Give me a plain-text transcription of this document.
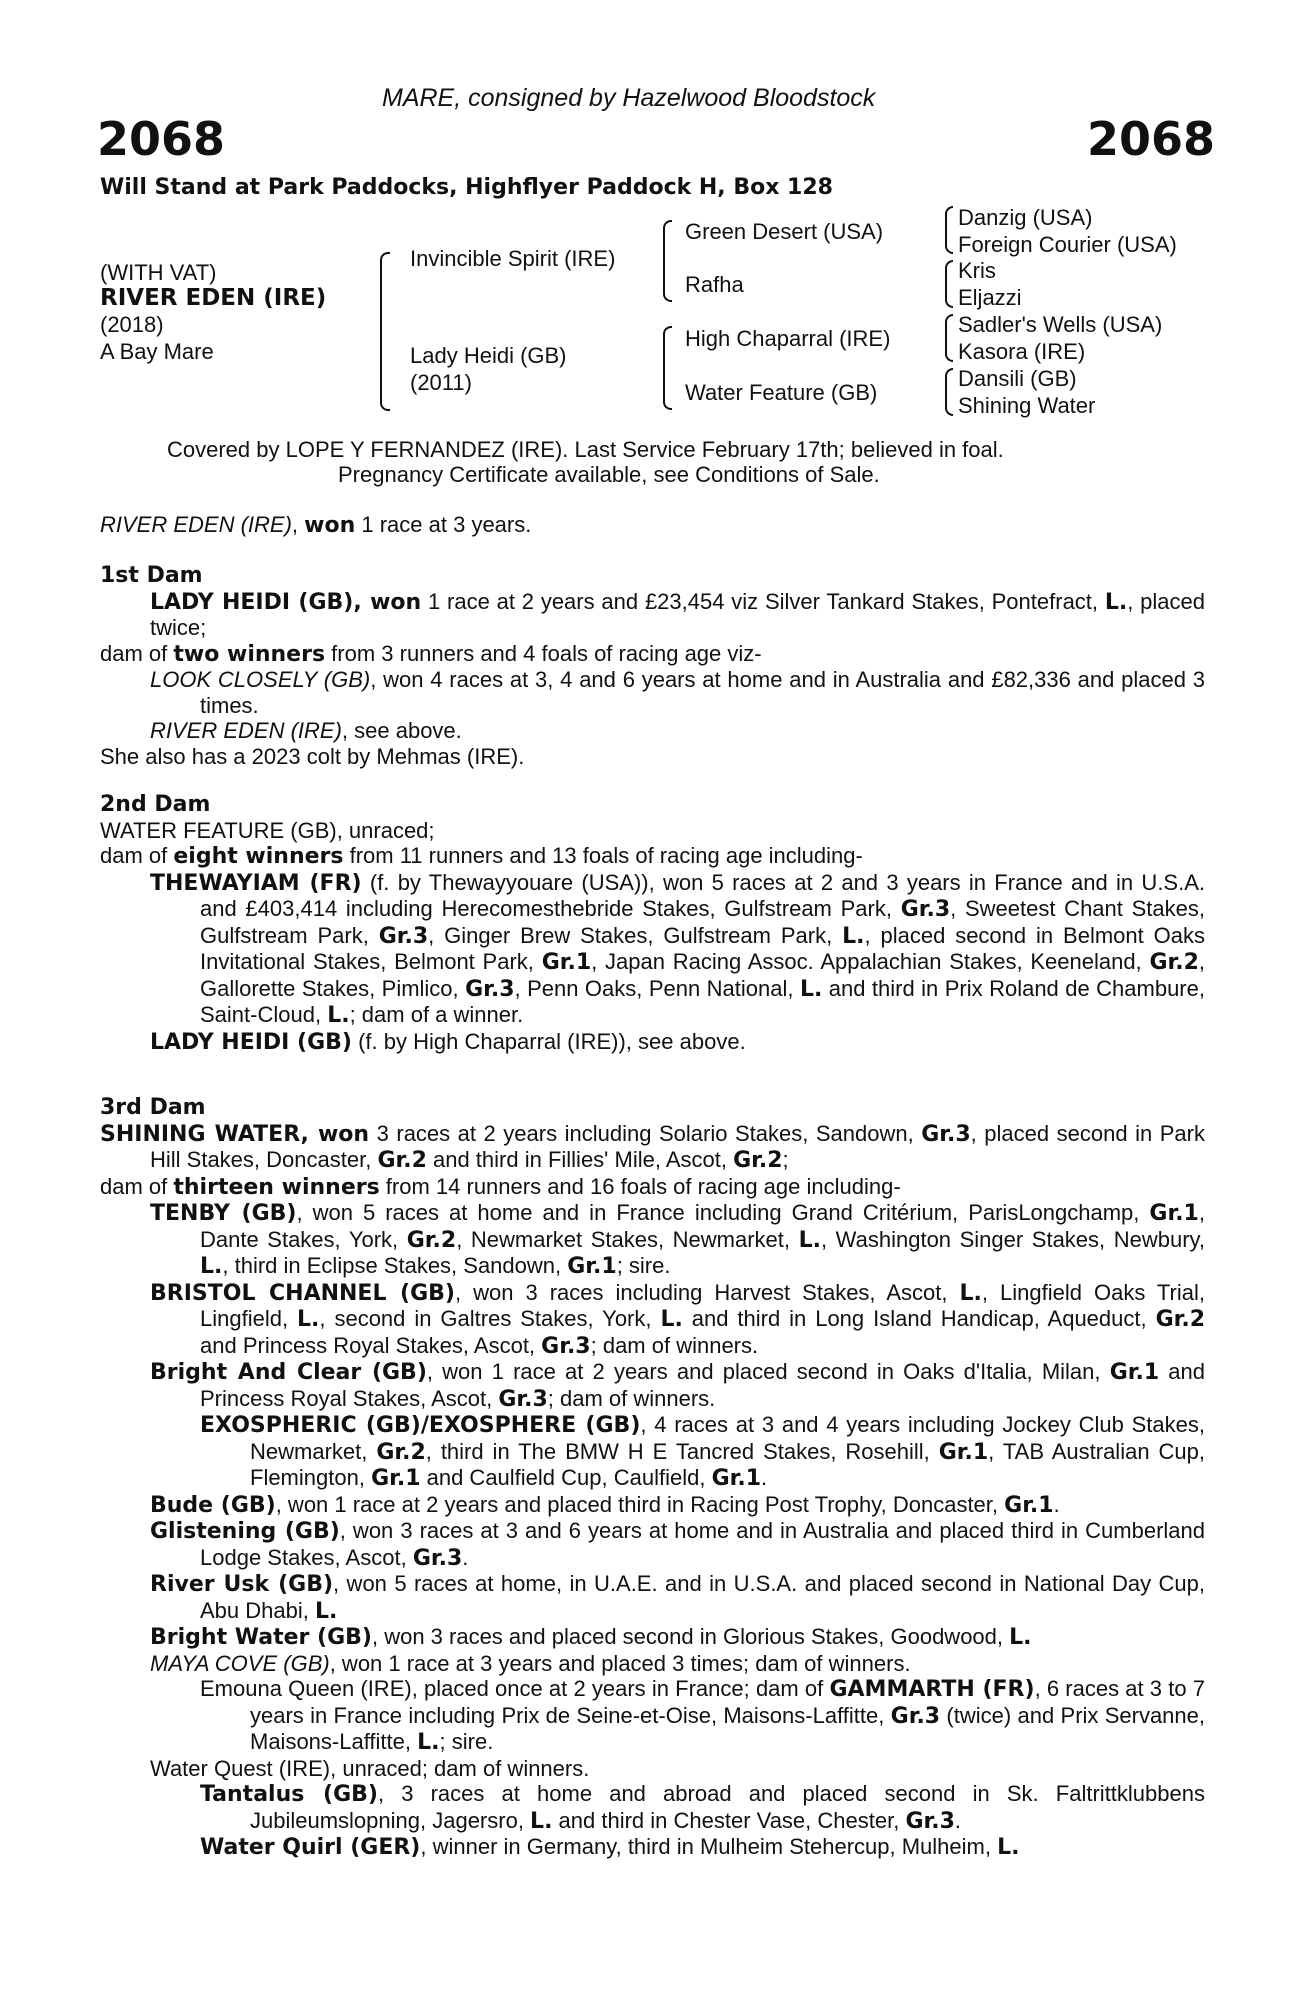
MARE, consigned by Hazelwood Bloodstock
2068	2068
Will Stand at Park Paddocks, Highflyer Paddock H, Box 128
(WITH VAT)
RIVER EDEN (IRE)
(2018)
A Bay Mare
Invincible Spirit (IRE)
Lady Heidi (GB)
(2011)
Green Desert (USA)
Rafha
High Chaparral (IRE)
Water Feature (GB)
Danzig (USA)
Foreign Courier (USA)
Kris
Eljazzi
Sadler's Wells (USA)
Kasora (IRE)
Dansili (GB)
Shining Water
Covered by LOPE Y FERNANDEZ (IRE). Last Service February 17th; believed in foal.
Pregnancy Certificate available, see Conditions of Sale.
RIVER EDEN (IRE), won 1 race at 3 years.

1st Dam

LADY HEIDI (GB), won 1 race at 2 years and £23,454 viz Silver Tankard Stakes, Pontefract, L., placed twice;

dam of two winners from 3 runners and 4 foals of racing age viz-

LOOK CLOSELY (GB), won 4 races at 3, 4 and 6 years at home and in Australia and £82,336 and placed 3 times.

RIVER EDEN (IRE), see above.

She also has a 2023 colt by Mehmas (IRE).

2nd Dam

WATER FEATURE (GB), unraced;

dam of eight winners from 11 runners and 13 foals of racing age including-

THEWAYIAM (FR) (f. by Thewayyouare (USA)), won 5 races at 2 and 3 years in France and in U.S.A. and £403,414 including Herecomesthebride Stakes, Gulfstream Park, Gr.3, Sweetest Chant Stakes, Gulfstream Park, Gr.3, Ginger Brew Stakes, Gulfstream Park, L., placed second in Belmont Oaks Invitational Stakes, Belmont Park, Gr.1, Japan Racing Assoc. Appalachian Stakes, Keeneland, Gr.2, Gallorette Stakes, Pimlico, Gr.3, Penn Oaks, Penn National, L. and third in Prix Roland de Chambure, Saint-Cloud, L.; dam of a winner.

LADY HEIDI (GB) (f. by High Chaparral (IRE)), see above.

3rd Dam

SHINING WATER, won 3 races at 2 years including Solario Stakes, Sandown, Gr.3, placed second in Park Hill Stakes, Doncaster, Gr.2 and third in Fillies' Mile, Ascot, Gr.2;

dam of thirteen winners from 14 runners and 16 foals of racing age including-

TENBY (GB), won 5 races at home and in France including Grand Critérium, ParisLongchamp, Gr.1, Dante Stakes, York, Gr.2, Newmarket Stakes, Newmarket, L., Washington Singer Stakes, Newbury, L., third in Eclipse Stakes, Sandown, Gr.1; sire.

BRISTOL CHANNEL (GB), won 3 races including Harvest Stakes, Ascot, L., Lingfield Oaks Trial, Lingfield, L., second in Galtres Stakes, York, L. and third in Long Island Handicap, Aqueduct, Gr.2 and Princess Royal Stakes, Ascot, Gr.3; dam of winners.

Bright And Clear (GB), won 1 race at 2 years and placed second in Oaks d'Italia, Milan, Gr.1 and Princess Royal Stakes, Ascot, Gr.3; dam of winners.

EXOSPHERIC (GB)/EXOSPHERE (GB), 4 races at 3 and 4 years including Jockey Club Stakes, Newmarket, Gr.2, third in The BMW H E Tancred Stakes, Rosehill, Gr.1, TAB Australian Cup, Flemington, Gr.1 and Caulfield Cup, Caulfield, Gr.1.

Bude (GB), won 1 race at 2 years and placed third in Racing Post Trophy, Doncaster, Gr.1.

Glistening (GB), won 3 races at 3 and 6 years at home and in Australia and placed third in Cumberland Lodge Stakes, Ascot, Gr.3.

River Usk (GB), won 5 races at home, in U.A.E. and in U.S.A. and placed second in National Day Cup, Abu Dhabi, L.

Bright Water (GB), won 3 races and placed second in Glorious Stakes, Goodwood, L.

MAYA COVE (GB), won 1 race at 3 years and placed 3 times; dam of winners.

Emouna Queen (IRE), placed once at 2 years in France; dam of GAMMARTH (FR), 6 races at 3 to 7 years in France including Prix de Seine-et-Oise, Maisons-Laffitte, Gr.3 (twice) and Prix Servanne, Maisons-Laffitte, L.; sire.

Water Quest (IRE), unraced; dam of winners.

Tantalus (GB), 3 races at home and abroad and placed second in Sk. Faltrittklubbens Jubileumslopning, Jagersro, L. and third in Chester Vase, Chester, Gr.3.

Water Quirl (GER), winner in Germany, third in Mulheim Stehercup, Mulheim, L.
